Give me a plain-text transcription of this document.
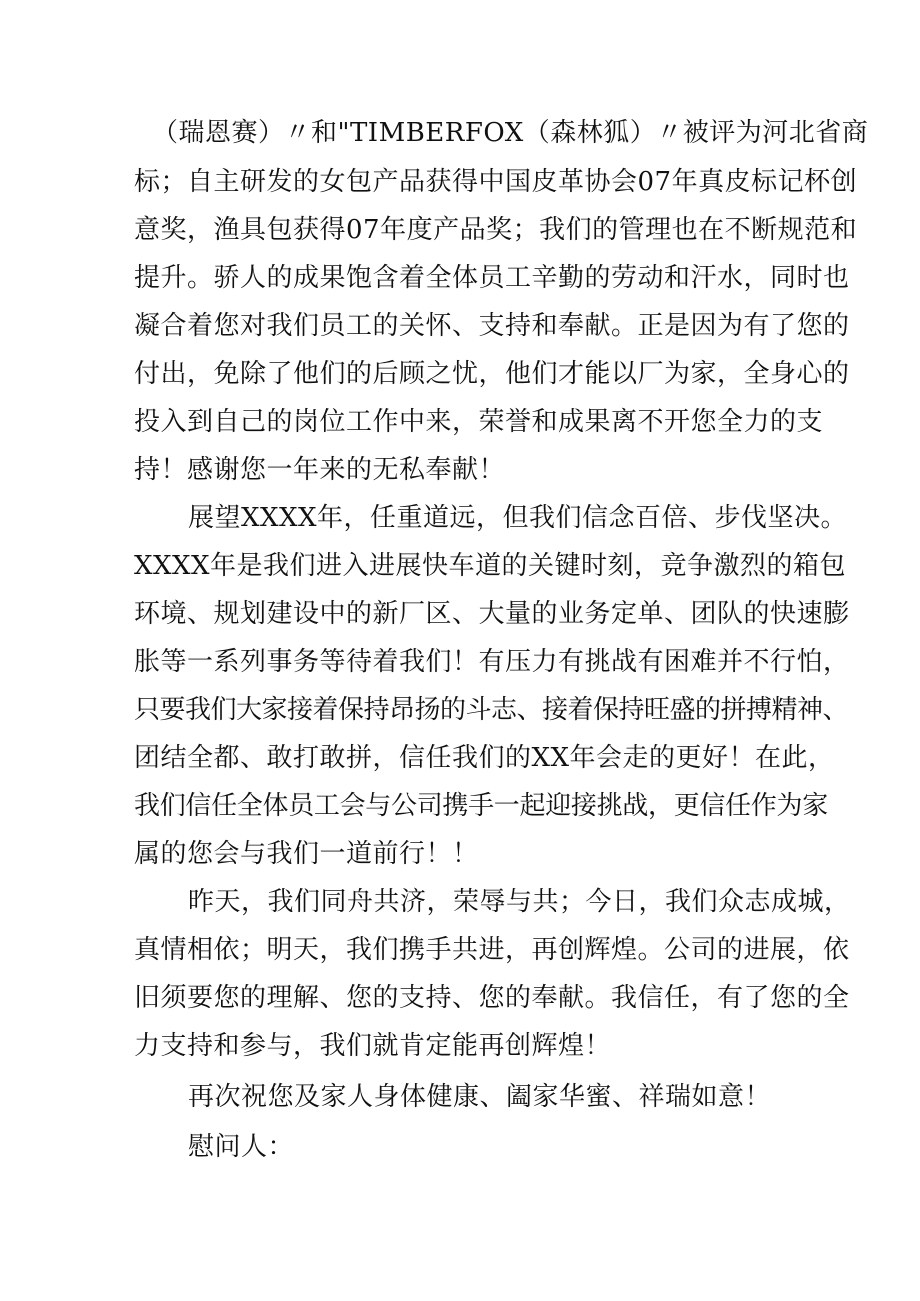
（瑞恩赛）〃和"TIMBERFOX（森林狐）〃被评为河北省商
标；自主研发的女包产品获得中国皮革协会07年真皮标记杯创
意奖，渔具包获得07年度产品奖；我们的管理也在不断规范和
提升。骄人的成果饱含着全体员工辛勤的劳动和汗水，同时也
凝合着您对我们员工的关怀、支持和奉献。正是因为有了您的
付出，免除了他们的后顾之忧，他们才能以厂为家，全身心的
投入到自己的岗位工作中来，荣誉和成果离不开您全力的支
持！感谢您一年来的无私奉献！
展望XXXX年，任重道远，但我们信念百倍、步伐坚决。
XXXX年是我们进入进展快车道的关键时刻，竞争激烈的箱包
环境、规划建设中的新厂区、大量的业务定单、团队的快速膨
胀等一系列事务等待着我们！有压力有挑战有困难并不行怕，
只要我们大家接着保持昂扬的斗志、接着保持旺盛的拼搏精神、
团结全都、敢打敢拼，信任我们的XX年会走的更好！在此，
我们信任全体员工会与公司携手一起迎接挑战，更信任作为家
属的您会与我们一道前行！！
昨天，我们同舟共济，荣辱与共；今日，我们众志成城，
真情相依；明天，我们携手共进，再创辉煌。公司的进展，依
旧须要您的理解、您的支持、您的奉献。我信任，有了您的全
力支持和参与，我们就肯定能再创辉煌！
再次祝您及家人身体健康、阖家华蜜、祥瑞如意！
慰问人：
